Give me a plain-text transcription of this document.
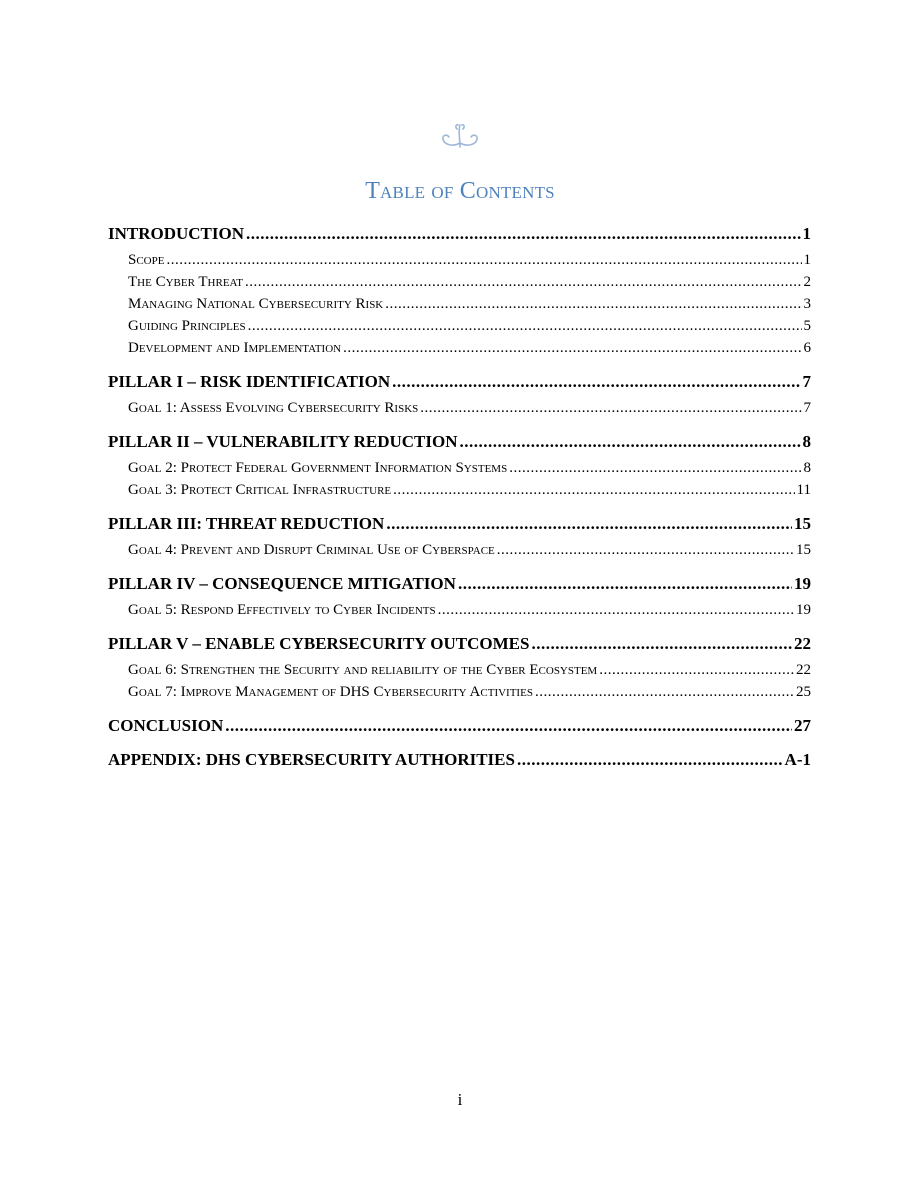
Table of Contents
INTRODUCTION .....	1
Scope .....	1
The Cyber Threat .....	2
Managing National Cybersecurity Risk .....	3
Guiding Principles .....	5
Development and Implementation .....	6
PILLAR I – RISK IDENTIFICATION .....	7
Goal 1: Assess Evolving Cybersecurity Risks .....	7
PILLAR II – VULNERABILITY REDUCTION .....	8
Goal 2: Protect Federal Government Information Systems .....	8
Goal 3: Protect Critical Infrastructure .....	11
PILLAR III: THREAT REDUCTION .....	15
Goal 4: Prevent and Disrupt Criminal Use of Cyberspace .....	15
PILLAR IV – CONSEQUENCE MITIGATION .....	19
Goal 5: Respond Effectively to Cyber Incidents .....	19
PILLAR V – ENABLE CYBERSECURITY OUTCOMES .....	22
Goal 6: Strengthen the Security and reliability of the Cyber Ecosystem .....	22
Goal 7: Improve Management of DHS Cybersecurity Activities .....	25
CONCLUSION .....	27
APPENDIX: DHS CYBERSECURITY AUTHORITIES .....	A-1
i
